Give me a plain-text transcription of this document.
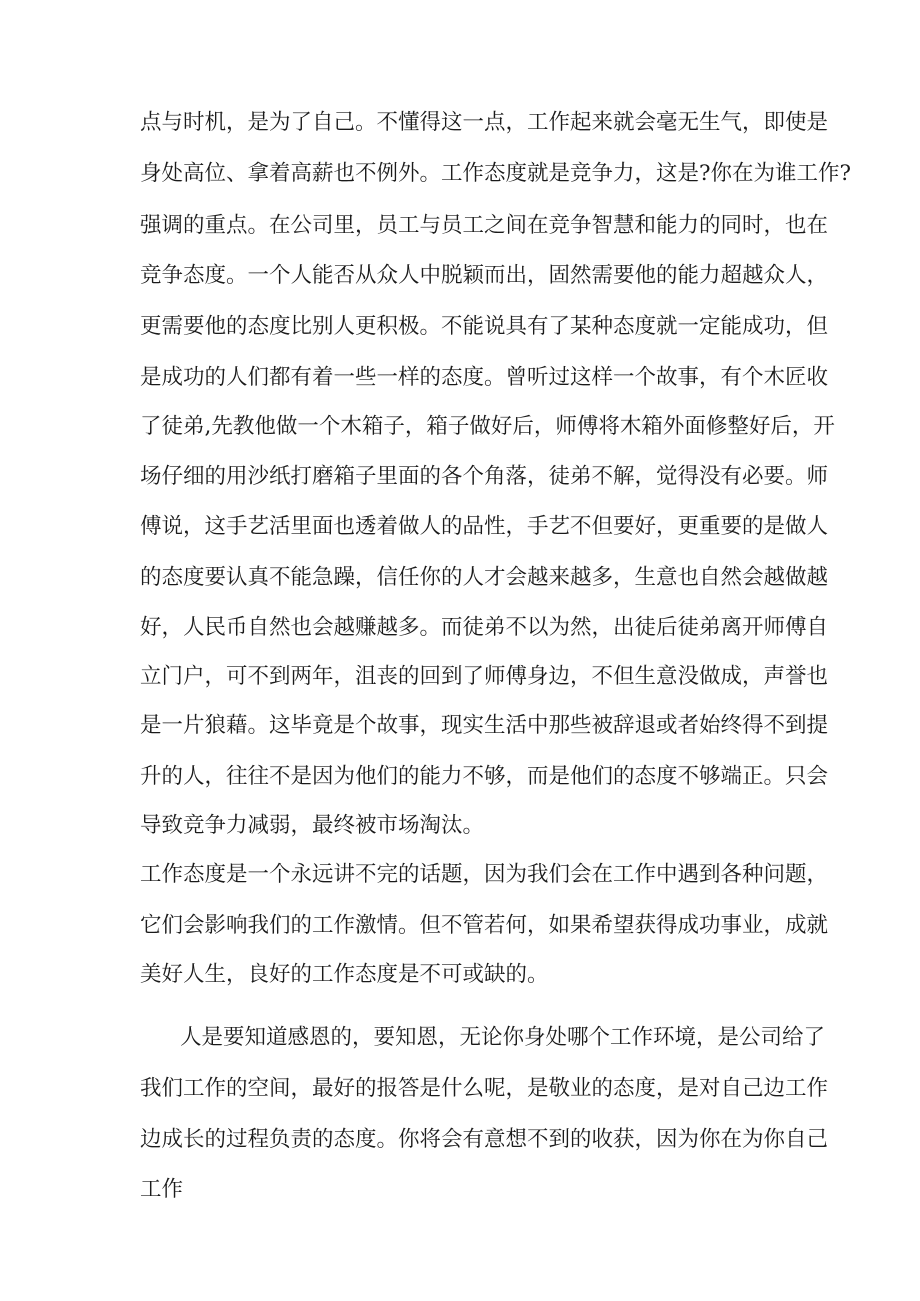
点与时机，是为了自己。不懂得这一点，工作起来就会毫无生气，即使是
身处高位、拿着高薪也不例外。工作态度就是竞争力，这是?你在为谁工作?
强调的重点。在公司里，员工与员工之间在竞争智慧和能力的同时，也在
竞争态度。一个人能否从众人中脱颖而出，固然需要他的能力超越众人，
更需要他的态度比别人更积极。不能说具有了某种态度就一定能成功，但
是成功的人们都有着一些一样的态度。曾听过这样一个故事，有个木匠收
了徒弟,先教他做一个木箱子，箱子做好后，师傅将木箱外面修整好后，开
场仔细的用沙纸打磨箱子里面的各个角落，徒弟不解，觉得没有必要。师
傅说，这手艺活里面也透着做人的品性，手艺不但要好，更重要的是做人
的态度要认真不能急躁，信任你的人才会越来越多，生意也自然会越做越
好，人民币自然也会越赚越多。而徒弟不以为然，出徒后徒弟离开师傅自
立门户，可不到两年，沮丧的回到了师傅身边，不但生意没做成，声誉也
是一片狼藉。这毕竟是个故事，现实生活中那些被辞退或者始终得不到提
升的人，往往不是因为他们的能力不够，而是他们的态度不够端正。只会
导致竞争力减弱，最终被市场淘汰。
工作态度是一个永远讲不完的话题，因为我们会在工作中遇到各种问题，
它们会影响我们的工作激情。但不管若何，如果希望获得成功事业，成就
美好人生，良好的工作态度是不可或缺的。
人是要知道感恩的，要知恩，无论你身处哪个工作环境，是公司给了
我们工作的空间，最好的报答是什么呢，是敬业的态度，是对自己边工作
边成长的过程负责的态度。你将会有意想不到的收获，因为你在为你自己
工作
